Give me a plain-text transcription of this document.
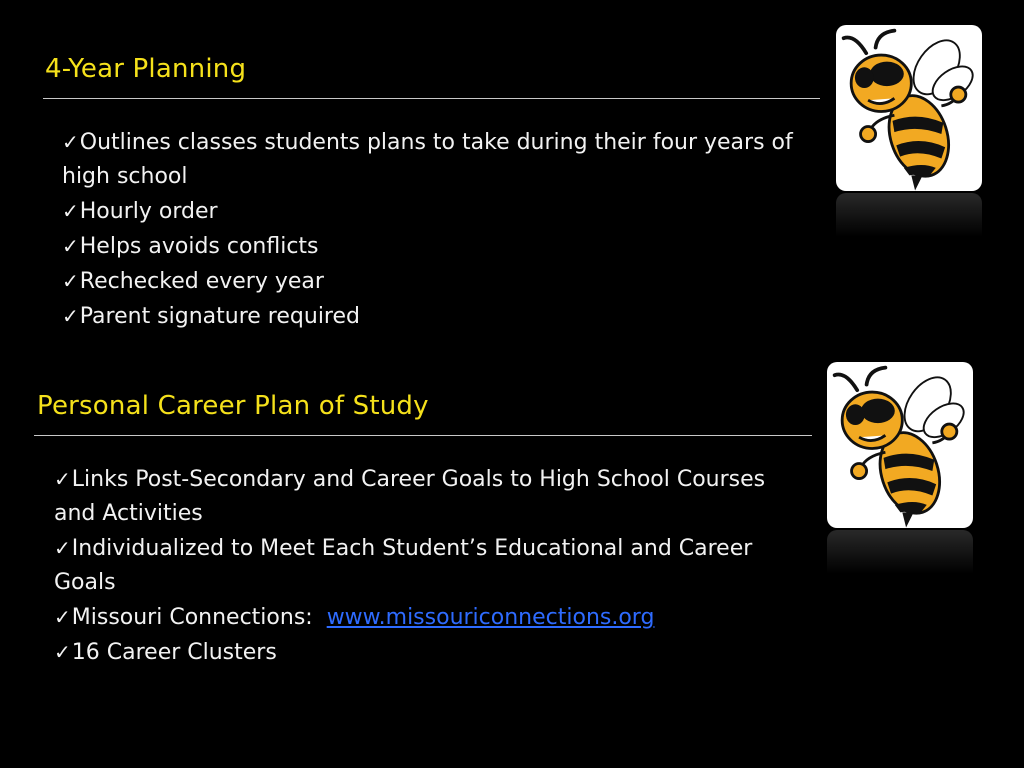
4-Year Planning
✓Outlines classes students plans to take during their four years of high school
✓Hourly order
✓Helps avoids conflicts
✓Rechecked every year
✓Parent signature required
Personal Career Plan of Study
✓Links Post-Secondary and Career Goals to High School Courses and Activities
✓Individualized to Meet Each Student’s Educational and Career Goals
✓Missouri Connections:  www.missouriconnections.org
✓16 Career Clusters
